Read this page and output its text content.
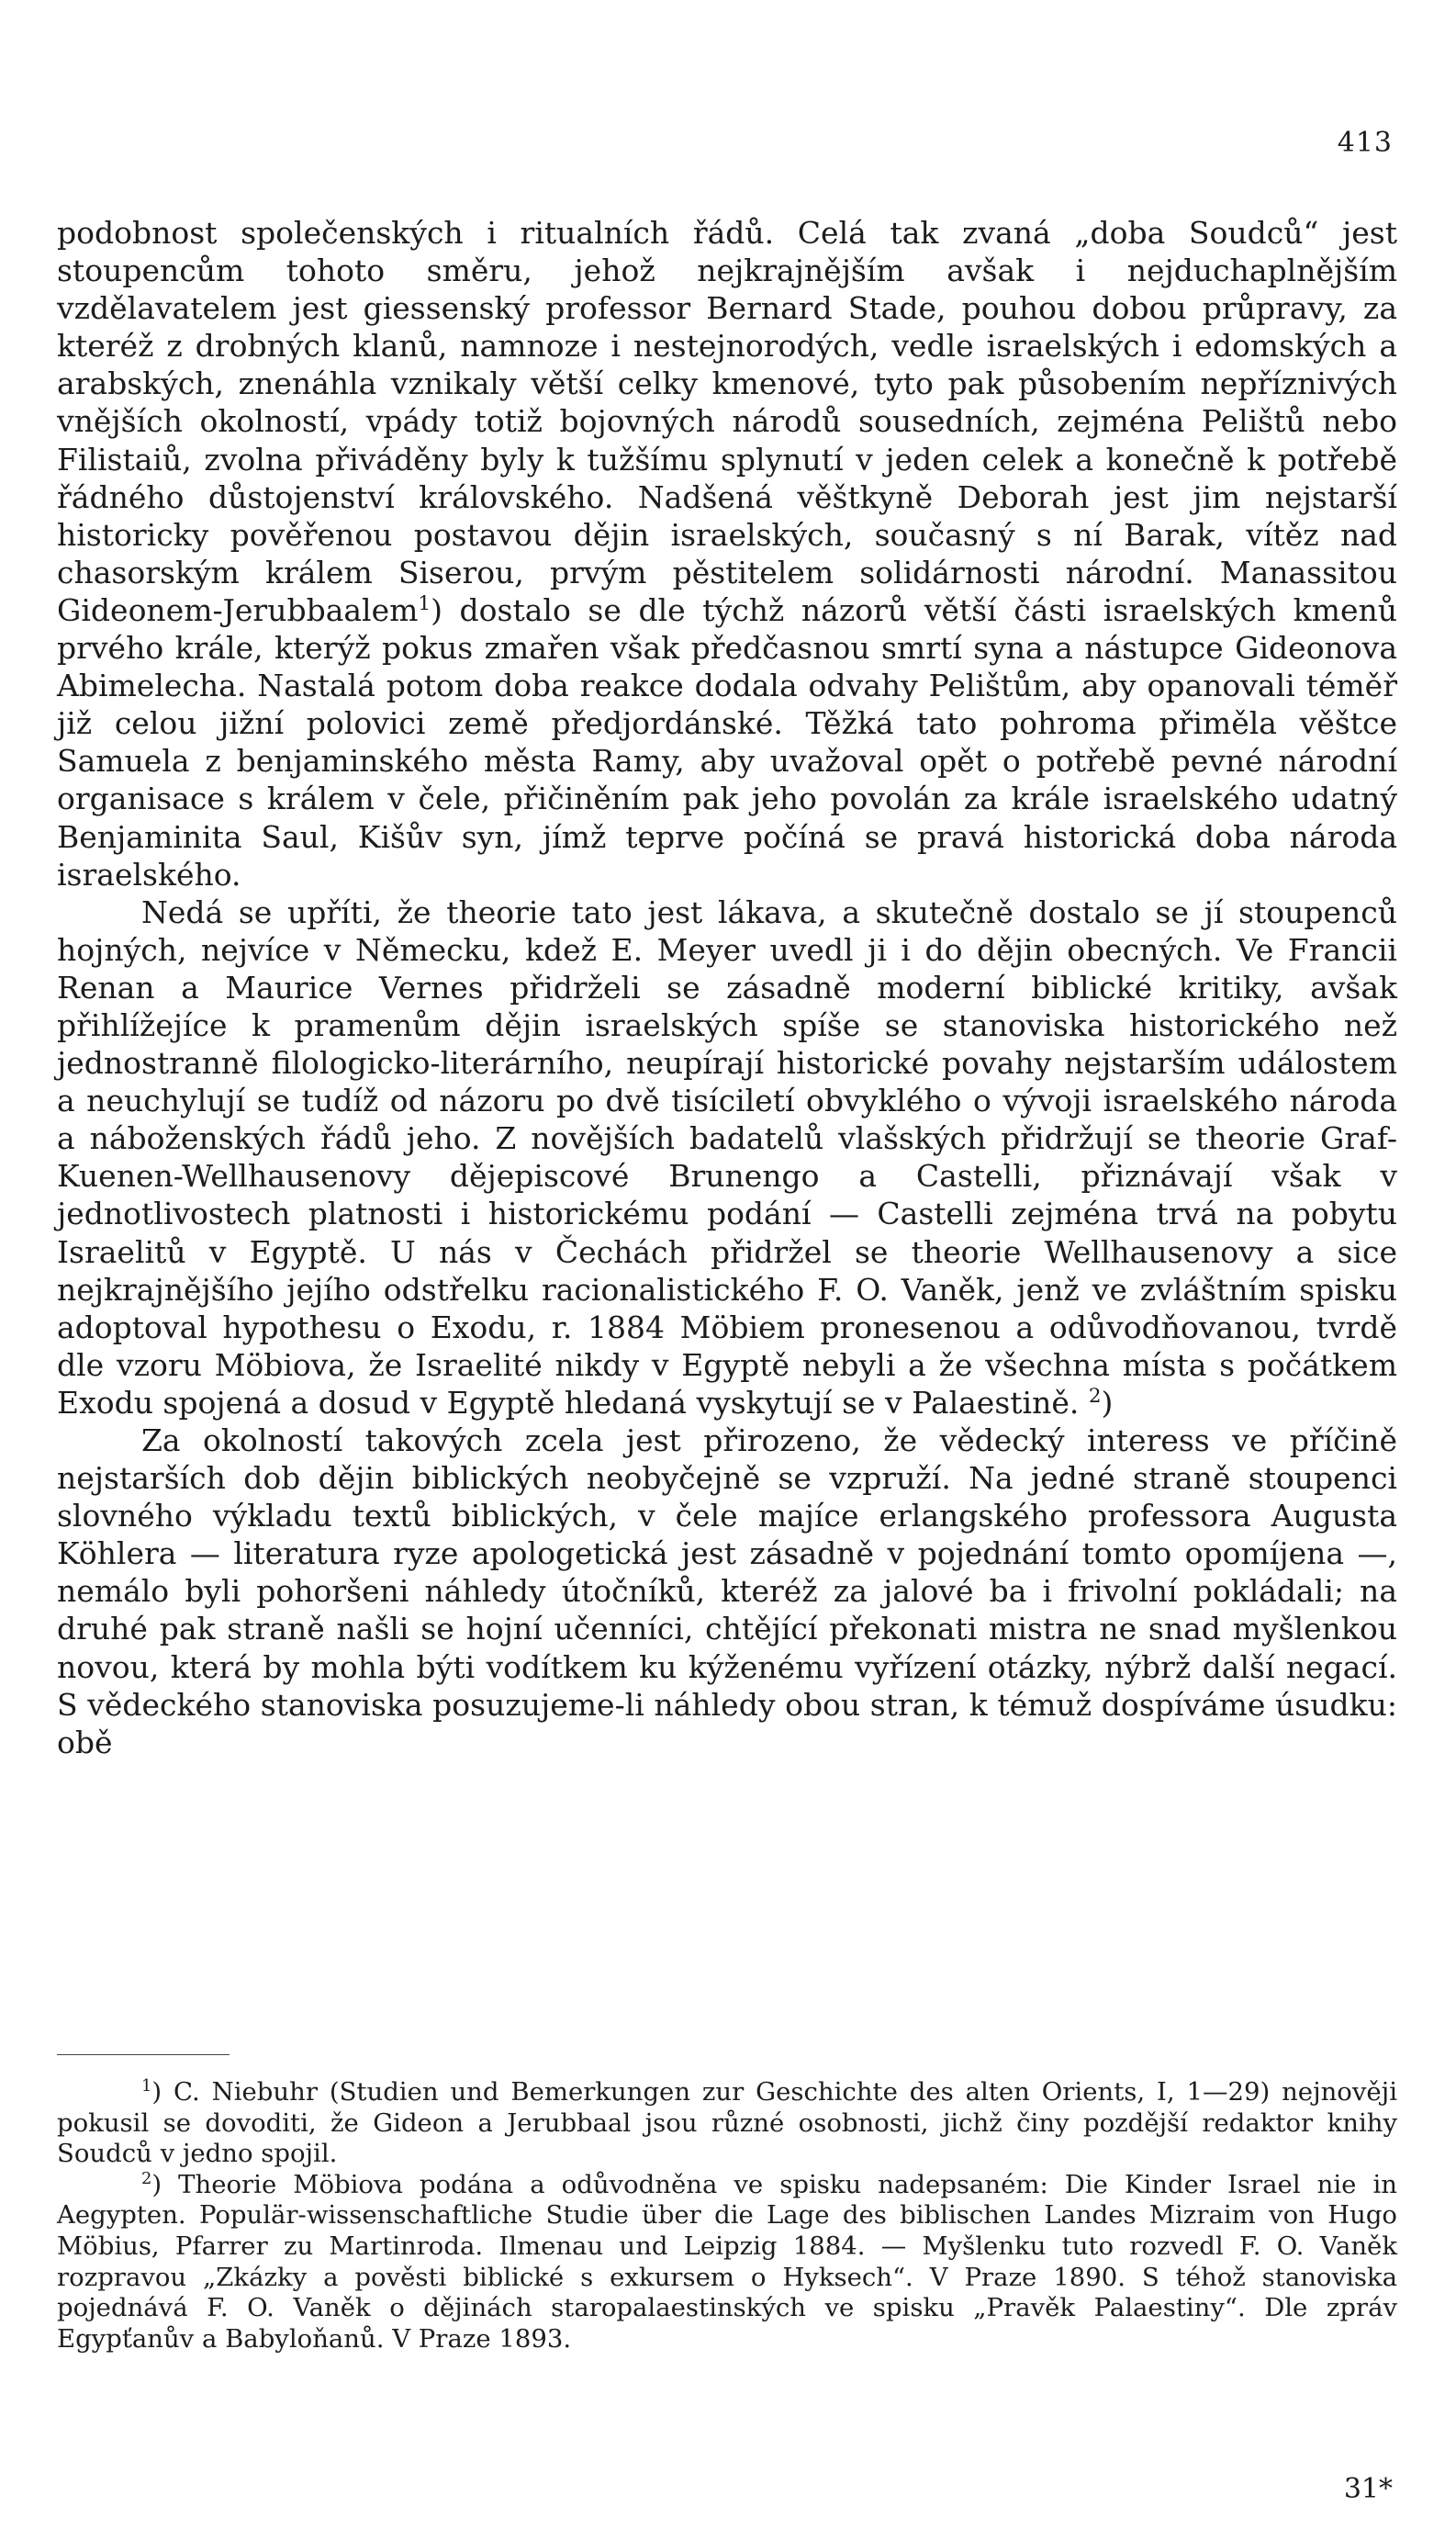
413

podobnost společenských i ritualních řádů. Celá tak zvaná „doba Soudců“ jest stoupencům tohoto směru, jehož nejkrajnějším avšak i nejduchaplnějším vzdělavatelem jest giessenský professor Bernard Stade, pouhou dobou průpravy, za kteréž z drobných klanů, namnoze i nestejnorodých, vedle israelských i edomských a arabských, znenáhla vznikaly větší celky kmenové, tyto pak působením nepříznivých vnějších okolností, vpády totiž bojovných národů sousedních, zejména Pelištů nebo Filistaiů, zvolna přiváděny byly k tužšímu splynutí v jeden celek a konečně k potřebě řádného důstojenství královského. Nadšená věštkyně Deborah jest jim nejstarší historicky pověřenou postavou dějin israelských, současný s ní Barak, vítěz nad chasorským králem Siserou, prvým pěstitelem solidárnosti národní. Manassitou Gideonem-Jerubbaalem$^1$) dostalo se dle týchž názorů větší části israelských kmenů prvého krále, kterýž pokus zmařen však předčasnou smrtí syna a nástupce Gideonova Abimelecha. Nastalá potom doba reakce dodala odvahy Pelištům, aby opanovali téměř již celou jižní polovici země předjordánské. Těžká tato pohroma přiměla věštce Samuela z benjaminského města Ramy, aby uvažoval opět o potřebě pevné národní organisace s králem v čele, přičiněním pak jeho povolán za krále israelského udatný Benjaminita Saul, Kišův syn, jímž teprve počíná se pravá historická doba národa israelského.

Nedá se upříti, že theorie tato jest lákava, a skutečně dostalo se jí stoupenců hojných, nejvíce v Německu, kdež E. Meyer uvedl ji i do dějin obecných. Ve Francii Renan a Maurice Vernes přidrželi se zásadně moderní biblické kritiky, avšak přihlížejíce k pramenům dějin israelských spíše se stanoviska historického než jednostranně filologicko-literárního, neupírají historické povahy nejstarším událostem a neuchylují se tudíž od názoru po dvě tisíciletí obvyklého o vývoji israelského národa a náboženských řádů jeho. Z novějších badatelů vlašských přidržují se theorie Graf-Kuenen-Wellhausenovy dějepiscové Brunengo a Castelli, přiznávají však v jednotlivostech platnosti i historickému podání — Castelli zejména trvá na pobytu Israelitů v Egyptě. U nás v Čechách přidržel se theorie Wellhausenovy a sice nejkrajnějšího jejího odstřelku racionalistického F. O. Vaněk, jenž ve zvláštním spisku adoptoval hypothesu o Exodu, r. 1884 Möbiem pronesenou a odůvodňovanou, tvrdě dle vzoru Möbiova, že Israelité nikdy v Egyptě nebyli a že všechna místa s počátkem Exodu spojená a dosud v Egyptě hledaná vyskytují se v Palaestině. $^2$)

Za okolností takových zcela jest přirozeno, že vědecký interess ve příčině nejstarších dob dějin biblických neobyčejně se vzpruží. Na jedné straně stoupenci slovného výkladu textů biblických, v čele majíce erlangského professora Augusta Köhlera — literatura ryze apologetická jest zásadně v pojednání tomto opomíjena —, nemálo byli pohoršeni náhledy útočníků, kteréž za jalové ba i frivolní pokládali; na druhé pak straně našli se hojní učenníci, chtějící překonati mistra ne snad myšlenkou novou, která by mohla býti vodítkem ku kýženému vyřízení otázky, nýbrž další negací. S vědeckého stanoviska posuzujeme-li náhledy obou stran, k témuž dospíváme úsudku: obě

$^1$) C. Niebuhr (Studien und Bemerkungen zur Geschichte des alten Orients, I, 1—29) nejnověji pokusil se dovoditi, že Gideon a Jerubbaal jsou různé osobnosti, jichž činy pozdější redaktor knihy Soudců v jedno spojil.

$^2$) Theorie Möbiova podána a odůvodněna ve spisku nadepsaném: Die Kinder Israel nie in Aegypten. Populär-wissenschaftliche Studie über die Lage des biblischen Landes Mizraim von Hugo Möbius, Pfarrer zu Martinroda. Ilmenau und Leipzig 1884. — Myšlenku tuto rozvedl F. O. Vaněk rozpravou „Zkázky a pověsti biblické s exkursem o Hyksech“. V Praze 1890. S téhož stanoviska pojednává F. O. Vaněk o dějinách staropalaestinských ve spisku „Pravěk Palaestiny“. Dle zpráv Egypťanův a Babyloňanů. V Praze 1893.

31*
